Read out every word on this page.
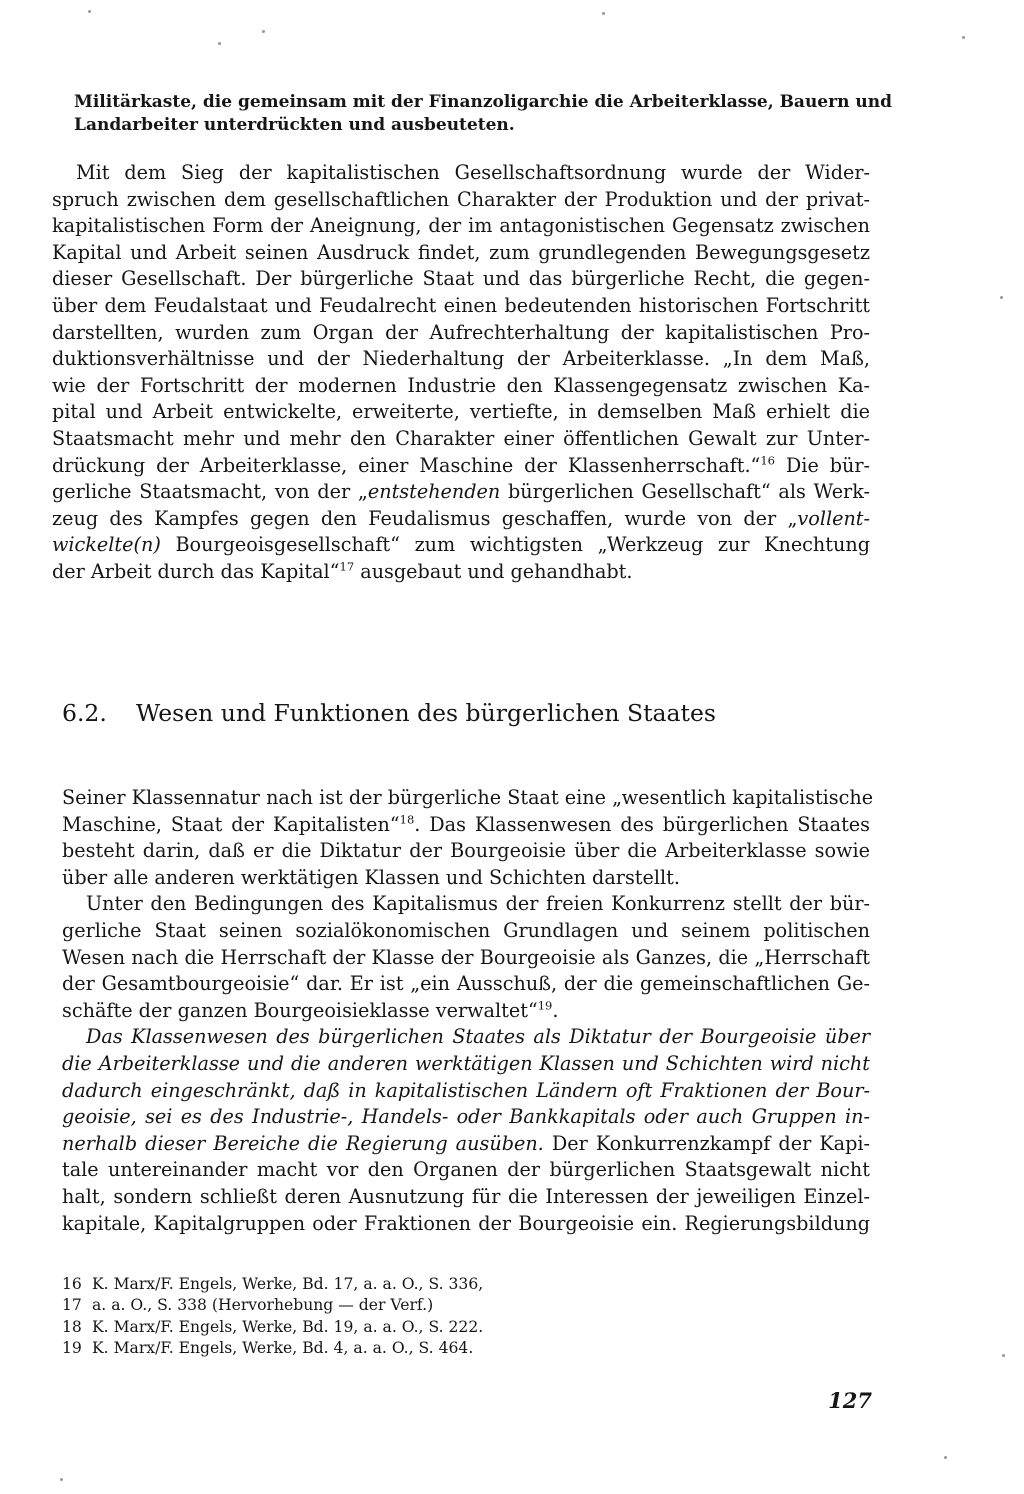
Militärkaste, die gemeinsam mit der Finanzoligarchie die Arbeiterklasse, Bauern und
Landarbeiter unterdrückten und ausbeuteten.
Mit dem Sieg der kapitalistischen Gesellschaftsordnung wurde der Wider-
spruch zwischen dem gesellschaftlichen Charakter der Produktion und der privat-
kapitalistischen Form der Aneignung, der im antagonistischen Gegensatz zwischen
Kapital und Arbeit seinen Ausdruck findet, zum grundlegenden Bewegungsgesetz
dieser Gesellschaft. Der bürgerliche Staat und das bürgerliche Recht, die gegen-
über dem Feudalstaat und Feudalrecht einen bedeutenden historischen Fortschritt
darstellten, wurden zum Organ der Aufrechterhaltung der kapitalistischen Pro-
duktionsverhältnisse und der Niederhaltung der Arbeiterklasse. „In dem Maß,
wie der Fortschritt der modernen Industrie den Klassengegensatz zwischen Ka-
pital und Arbeit entwickelte, erweiterte, vertiefte, in demselben Maß erhielt die
Staatsmacht mehr und mehr den Charakter einer öffentlichen Gewalt zur Unter-
drückung der Arbeiterklasse, einer Maschine der Klassenherrschaft.“$^{16}$ Die bür-
gerliche Staatsmacht, von der „entstehenden bürgerlichen Gesellschaft“ als Werk-
zeug des Kampfes gegen den Feudalismus geschaffen, wurde von der „vollent-
wickelte(n) Bourgeoisgesellschaft“ zum wichtigsten „Werkzeug zur Knechtung
der Arbeit durch das Kapital“$^{17}$ ausgebaut und gehandhabt.
6.2. Wesen und Funktionen des bürgerlichen Staates
Seiner Klassennatur nach ist der bürgerliche Staat eine „wesentlich kapitalistische
Maschine, Staat der Kapitalisten“$^{18}$. Das Klassenwesen des bürgerlichen Staates
besteht darin, daß er die Diktatur der Bourgeoisie über die Arbeiterklasse sowie
über alle anderen werktätigen Klassen und Schichten darstellt.
Unter den Bedingungen des Kapitalismus der freien Konkurrenz stellt der bür-
gerliche Staat seinen sozialökonomischen Grundlagen und seinem politischen
Wesen nach die Herrschaft der Klasse der Bourgeoisie als Ganzes, die „Herrschaft
der Gesamtbourgeoisie“ dar. Er ist „ein Ausschuß, der die gemeinschaftlichen Ge-
schäfte der ganzen Bourgeoisieklasse verwaltet“$^{19}$.
Das Klassenwesen des bürgerlichen Staates als Diktatur der Bourgeoisie über
die Arbeiterklasse und die anderen werktätigen Klassen und Schichten wird nicht
dadurch eingeschränkt, daß in kapitalistischen Ländern oft Fraktionen der Bour-
geoisie, sei es des Industrie-, Handels- oder Bankkapitals oder auch Gruppen in-
nerhalb dieser Bereiche die Regierung ausüben. Der Konkurrenzkampf der Kapi-
tale untereinander macht vor den Organen der bürgerlichen Staatsgewalt nicht
halt, sondern schließt deren Ausnutzung für die Interessen der jeweiligen Einzel-
kapitale, Kapitalgruppen oder Fraktionen der Bourgeoisie ein. Regierungsbildung
16 K. Marx/F. Engels, Werke, Bd. 17, a. a. O., S. 336,
17 a. a. O., S. 338 (Hervorhebung — der Verf.)
18 K. Marx/F. Engels, Werke, Bd. 19, a. a. O., S. 222.
19 K. Marx/F. Engels, Werke, Bd. 4, a. a. O., S. 464.
127
